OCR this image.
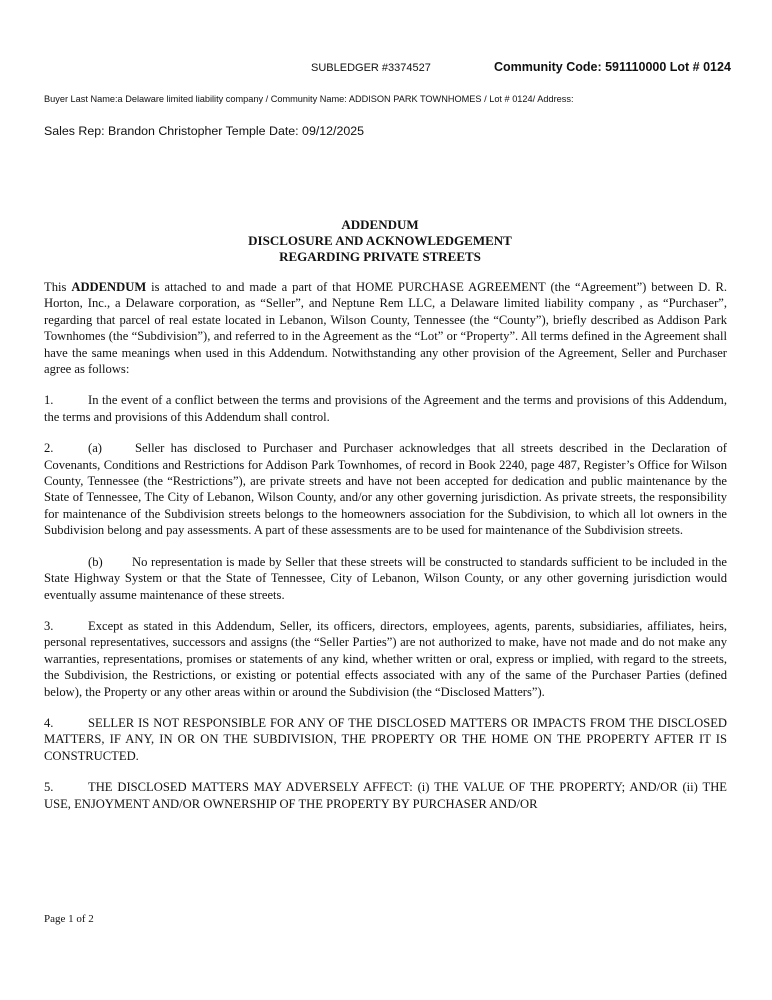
SUBLEDGER #3374527	Community Code: 591110000 Lot # 0124
Buyer Last Name:a Delaware limited liability company / Community Name: ADDISON PARK TOWNHOMES / Lot # 0124/ Address:
Sales Rep: Brandon Christopher Temple Date: 09/12/2025
ADDENDUM
DISCLOSURE AND ACKNOWLEDGEMENT
REGARDING PRIVATE STREETS

This ADDENDUM is attached to and made a part of that HOME PURCHASE AGREEMENT (the “Agreement”) between D. R. Horton, Inc., a Delaware corporation, as “Seller”, and Neptune Rem LLC, a Delaware limited liability company , as “Purchaser”, regarding that parcel of real estate located in Lebanon, Wilson County, Tennessee (the “County”), briefly described as Addison Park Townhomes (the “Subdivision”), and referred to in the Agreement as the “Lot” or “Property”. All terms defined in the Agreement shall have the same meanings when used in this Addendum. Notwithstanding any other provision of the Agreement, Seller and Purchaser agree as follows:

1.	In the event of a conflict between the terms and provisions of the Agreement and the terms and provisions of this Addendum, the terms and provisions of this Addendum shall control.

2.	(a)	Seller has disclosed to Purchaser and Purchaser acknowledges that all streets described in the Declaration of Covenants, Conditions and Restrictions for Addison Park Townhomes, of record in Book 2240, page 487, Register’s Office for Wilson County, Tennessee (the “Restrictions”), are private streets and have not been accepted for dedication and public maintenance by the State of Tennessee, The City of Lebanon, Wilson County, and/or any other governing jurisdiction. As private streets, the responsibility for maintenance of the Subdivision streets belongs to the homeowners association for the Subdivision, to which all lot owners in the Subdivision belong and pay assessments. A part of these assessments are to be used for maintenance of the Subdivision streets.

(b) No representation is made by Seller that these streets will be constructed to standards sufficient to be included in the State Highway System or that the State of Tennessee, City of Lebanon, Wilson County, or any other governing jurisdiction would eventually assume maintenance of these streets.

3.	Except as stated in this Addendum, Seller, its officers, directors, employees, agents, parents, subsidiaries, affiliates, heirs, personal representatives, successors and assigns (the “Seller Parties”) are not authorized to make, have not made and do not make any warranties, representations, promises or statements of any kind, whether written or oral, express or implied, with regard to the streets, the Subdivision, the Restrictions, or existing or potential effects associated with any of the same of the Purchaser Parties (defined below), the Property or any other areas within or around the Subdivision (the “Disclosed Matters”).

4.	SELLER IS NOT RESPONSIBLE FOR ANY OF THE DISCLOSED MATTERS OR IMPACTS FROM THE DISCLOSED MATTERS, IF ANY, IN OR ON THE SUBDIVISION, THE PROPERTY OR THE HOME ON THE PROPERTY AFTER IT IS CONSTRUCTED.

5.	THE DISCLOSED MATTERS MAY ADVERSELY AFFECT: (i) THE VALUE OF THE PROPERTY; AND/OR (ii) THE USE, ENJOYMENT AND/OR OWNERSHIP OF THE PROPERTY BY PURCHASER AND/OR

Page 1 of 2
